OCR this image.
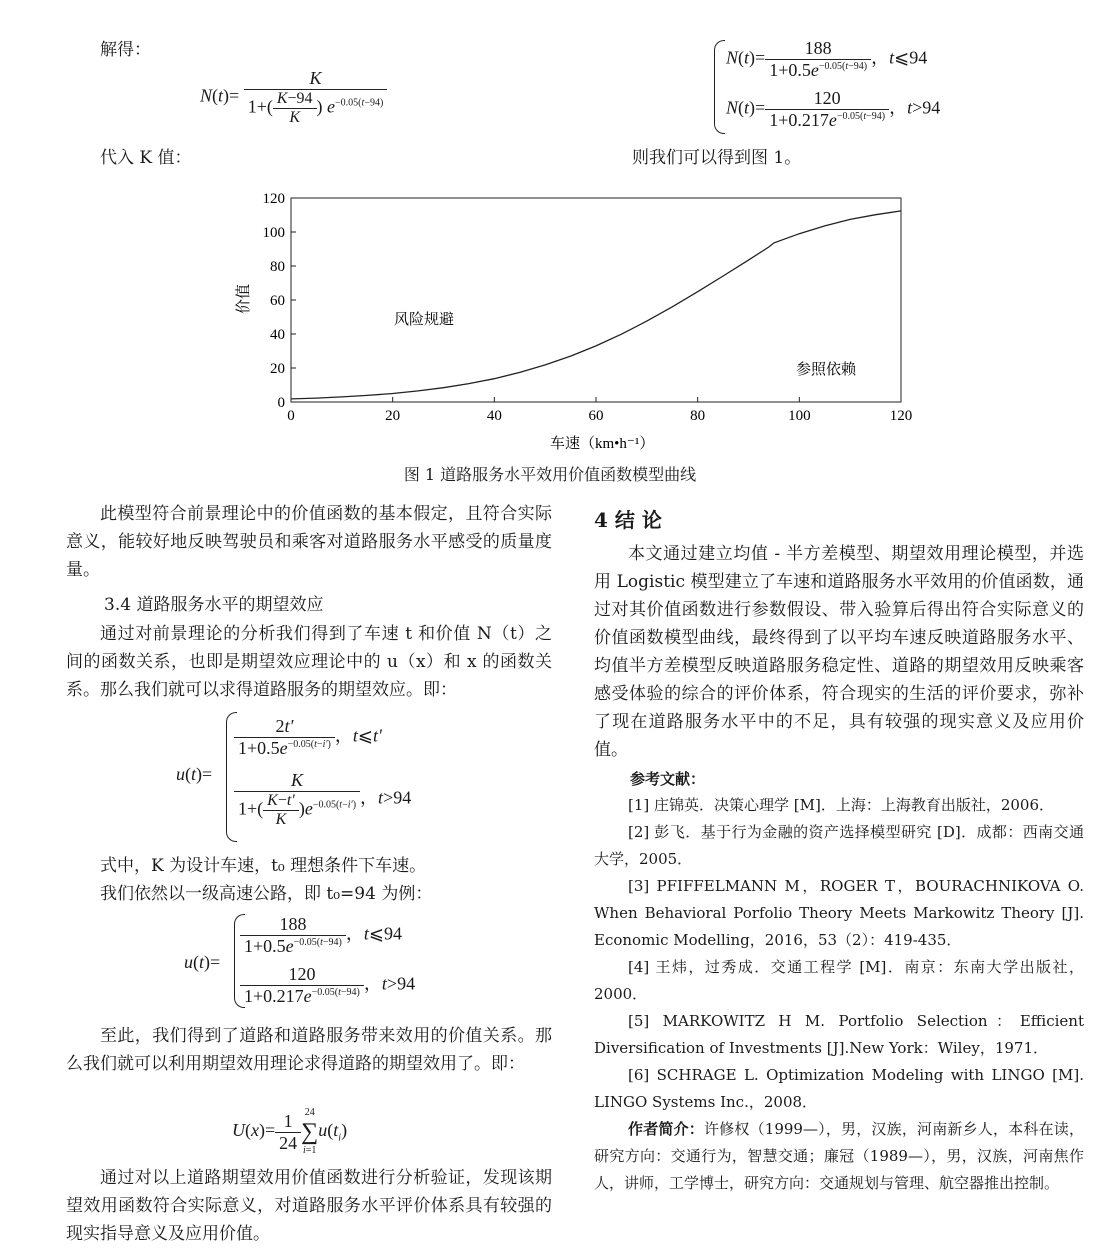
解得：
$N(t)= \frac{K}{1+( \frac{K-94}{K} ) e^{-0.05(t-94)}}$
代入 K 值：
$N(t)= \frac{188}{1+0.5e^{-0.05(t-94)}}$ ，t⩽94
$N(t)= \frac{120}{1+0.217e^{-0.05(t-94)}}$ ，t>94
则我们可以得到图 1。
0	20	40	60	80	100	120
0
20
40
60
80
100
120
风险规避
参照依赖
车速（km•h⁻¹）
价值
图 1 道路服务水平效用价值函数模型曲线
此模型符合前景理论中的价值函数的基本假定，且符合实际意义，能较好地反映驾驶员和乘客对道路服务水平感受的质量度量。
3.4 道路服务水平的期望效应
通过对前景理论的分析我们得到了车速 t 和价值 N（t）之间的函数关系，也即是期望效应理论中的 u（x）和 x 的函数关系。那么我们就可以求得道路服务的期望效应。即：
u(t)=
$\frac{2t'}{1+0.5e^{-0.05(t-i')}}$ ，t⩽t′
$\frac{K}{1+( \frac{K-t'}{K} )e^{-0.05(t-i')}}$ ，t>94
式中，K 为设计车速，t₀ 理想条件下车速。
我们依然以一级高速公路，即 t₀=94 为例：
u(t)=
$\frac{188}{1+0.5e^{-0.05(t-94)}}$ ，t⩽94
$\frac{120}{1+0.217e^{-0.05(t-94)}}$ ，t>94
至此，我们得到了道路和道路服务带来效用的价值关系。那么我们就可以利用期望效用理论求得道路的期望效用了。即：
$U(x)= \frac{1}{24} 24$
∑
i=1
$u(t_i)$
通过对以上道路期望效用价值函数进行分析验证，发现该期望效用函数符合实际意义，对道路服务水平评价体系具有较强的现实指导意义及应用价值。
4 结 论
本文通过建立均值 - 半方差模型、期望效用理论模型，并选用 Logistic 模型建立了车速和道路服务水平效用的价值函数，通过对其价值函数进行参数假设、带入验算后得出符合实际意义的价值函数模型曲线，最终得到了以平均车速反映道路服务水平、均值半方差模型反映道路服务稳定性、道路的期望效用反映乘客感受体验的综合的评价体系，符合现实的生活的评价要求，弥补了现在道路服务水平中的不足，具有较强的现实意义及应用价值。
参考文献：
[1] 庄锦英．决策心理学 [M]．上海：上海教育出版社，2006．
[2] 彭飞．基于行为金融的资产选择模型研究 [D]．成都：西南交通大学，2005．
[3] PFIFFELMANN M，ROGER T，BOURACHNIKOVA O. When Behavioral Porfolio Theory Meets Markowitz Theory [J]. Economic Modelling，2016，53（2）：419-435．
[4] 王炜，过秀成．交通工程学 [M]．南京：东南大学出版社，2000．
[5] MARKOWITZ H M. Portfolio Selection：Efficient Diversification of Investments [J].New York：Wiley，1971．
[6] SCHRAGE L. Optimization Modeling with LINGO [M]. LINGO Systems Inc.，2008．
作者简介：许修权（1999—），男，汉族，河南新乡人，本科在读，研究方向：交通行为，智慧交通；廉冠（1989—），男，汉族，河南焦作人，讲师，工学博士，研究方向：交通规划与管理、航空器推出控制。
